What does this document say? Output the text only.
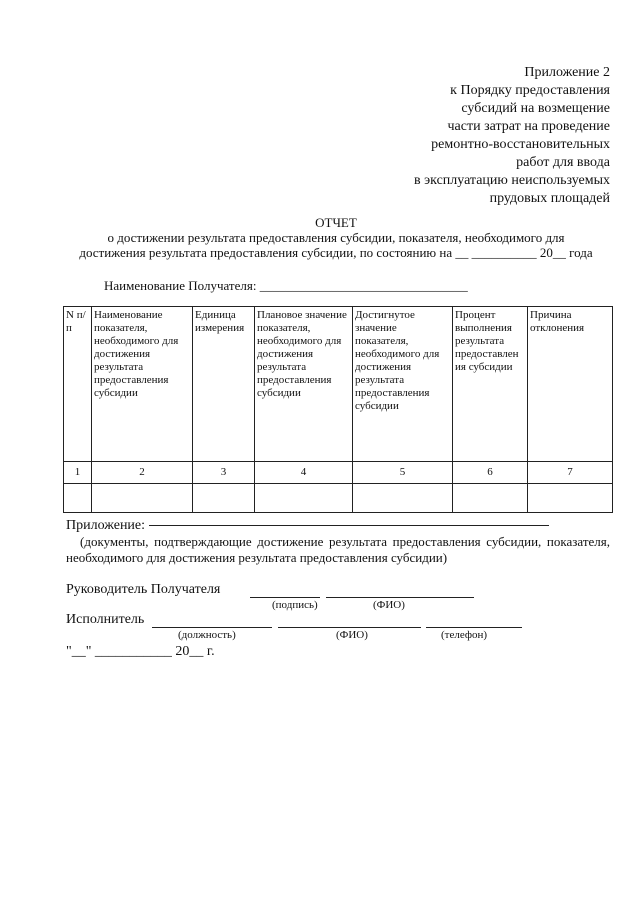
Приложение 2
к Порядку предоставления
субсидий на возмещение
части затрат на проведение
ремонтно-восстановительных
работ для ввода
в эксплуатацию неиспользуемых
прудовых площадей
ОТЧЕТ
о достижении результата предоставления субсидии, показателя, необходимого для
достижения результата предоставления субсидии, по состоянию на __ __________ 20__ года
Наименование Получателя: ________________________________
N п/п	Наименование показателя, необходимого для достижения результата предоставления субсидии	Единица измерения	Плановое значение показателя, необходимого для достижения результата предоставления субсидии	Достигнутое значение показателя, необходимого для достижения результата предоставления субсидии	Процент выполнения результата предоставлен ия субсидии	Причина отклонения
1	2	3	4	5	6	7

Приложение:
(документы, подтверждающие достижение результата предоставления субсидии, показателя, необходимого для достижения результата предоставления субсидии)
Руководитель Получателя
(подпись)	(ФИО)
Исполнитель
(должность)	(ФИО)	(телефон)
"__" ___________ 20__ г.
